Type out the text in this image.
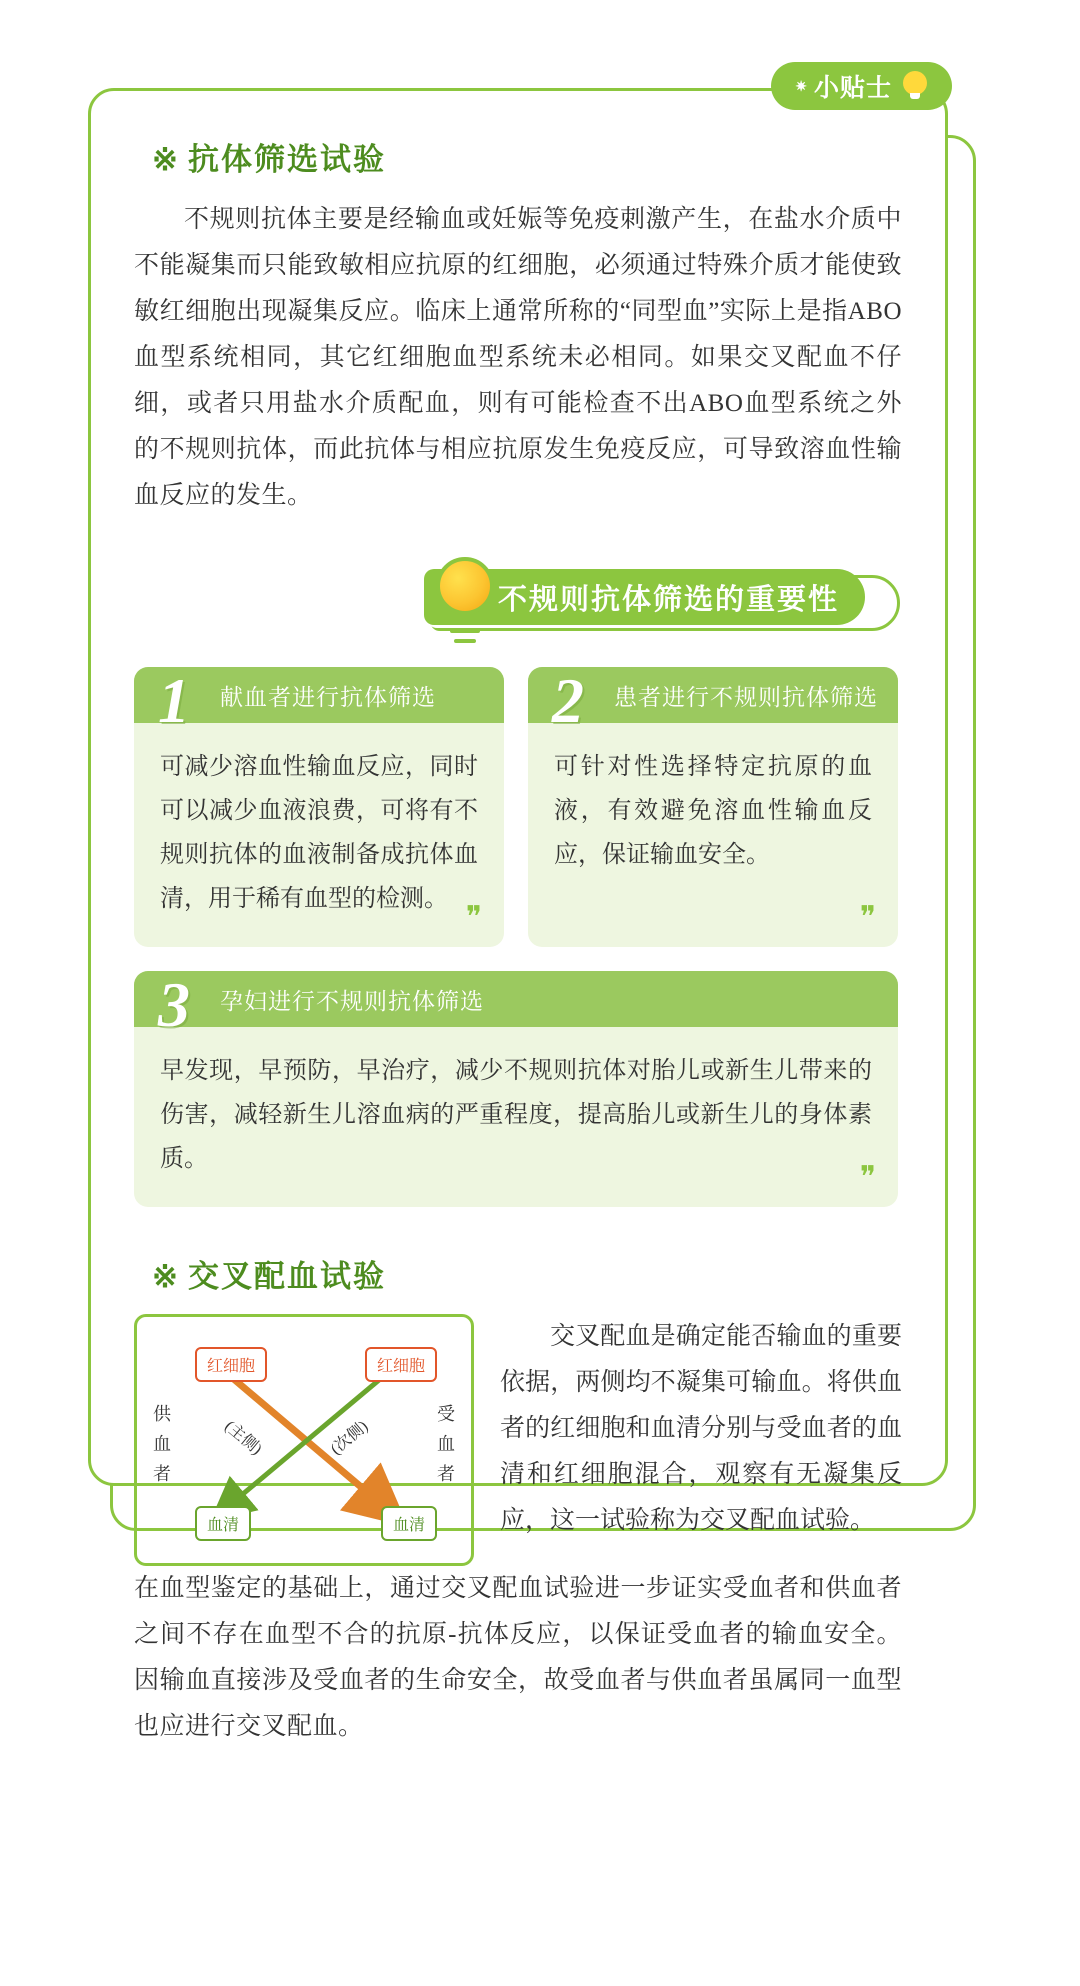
✷ 小贴士
※ 抗体筛选试验

不规则抗体主要是经输血或妊娠等免疫刺激产生，在盐水介质中不能凝集而只能致敏相应抗原的红细胞，必须通过特殊介质才能使致敏红细胞出现凝集反应。临床上通常所称的“同型血”实际上是指ABO血型系统相同，其它红细胞血型系统未必相同。如果交叉配血不仔细，或者只用盐水介质配血，则有可能检查不出ABO血型系统之外的不规则抗体，而此抗体与相应抗原发生免疫反应，可导致溶血性输血反应的发生。

不规则抗体筛选的重要性
1 献血者进行抗体筛选
可减少溶血性输血反应，同时可以减少血液浪费，可将有不规则抗体的血液制备成抗体血清，用于稀有血型的检测。
❞
2 患者进行不规则抗体筛选
可针对性选择特定抗原的血液，有效避免溶血性输血反应，保证输血安全。
❞
3 孕妇进行不规则抗体筛选
早发现，早预防，早治疗，减少不规则抗体对胎儿或新生儿带来的伤害，减轻新生儿溶血病的严重程度，提高胎儿或新生儿的身体素质。
❞
※ 交叉配血试验
红细胞	红细胞
血清	血清
供血者
受血者
(主侧)	(次侧)
交叉配血是确定能否输血的重要依据，两侧均不凝集可输血。将供血者的红细胞和血清分别与受血者的血清和红细胞混合，观察有无凝集反应，这一试验称为交叉配血试验。

在血型鉴定的基础上，通过交叉配血试验进一步证实受血者和供血者之间不存在血型不合的抗原-抗体反应，以保证受血者的输血安全。因输血直接涉及受血者的生命安全，故受血者与供血者虽属同一血型也应进行交叉配血。
